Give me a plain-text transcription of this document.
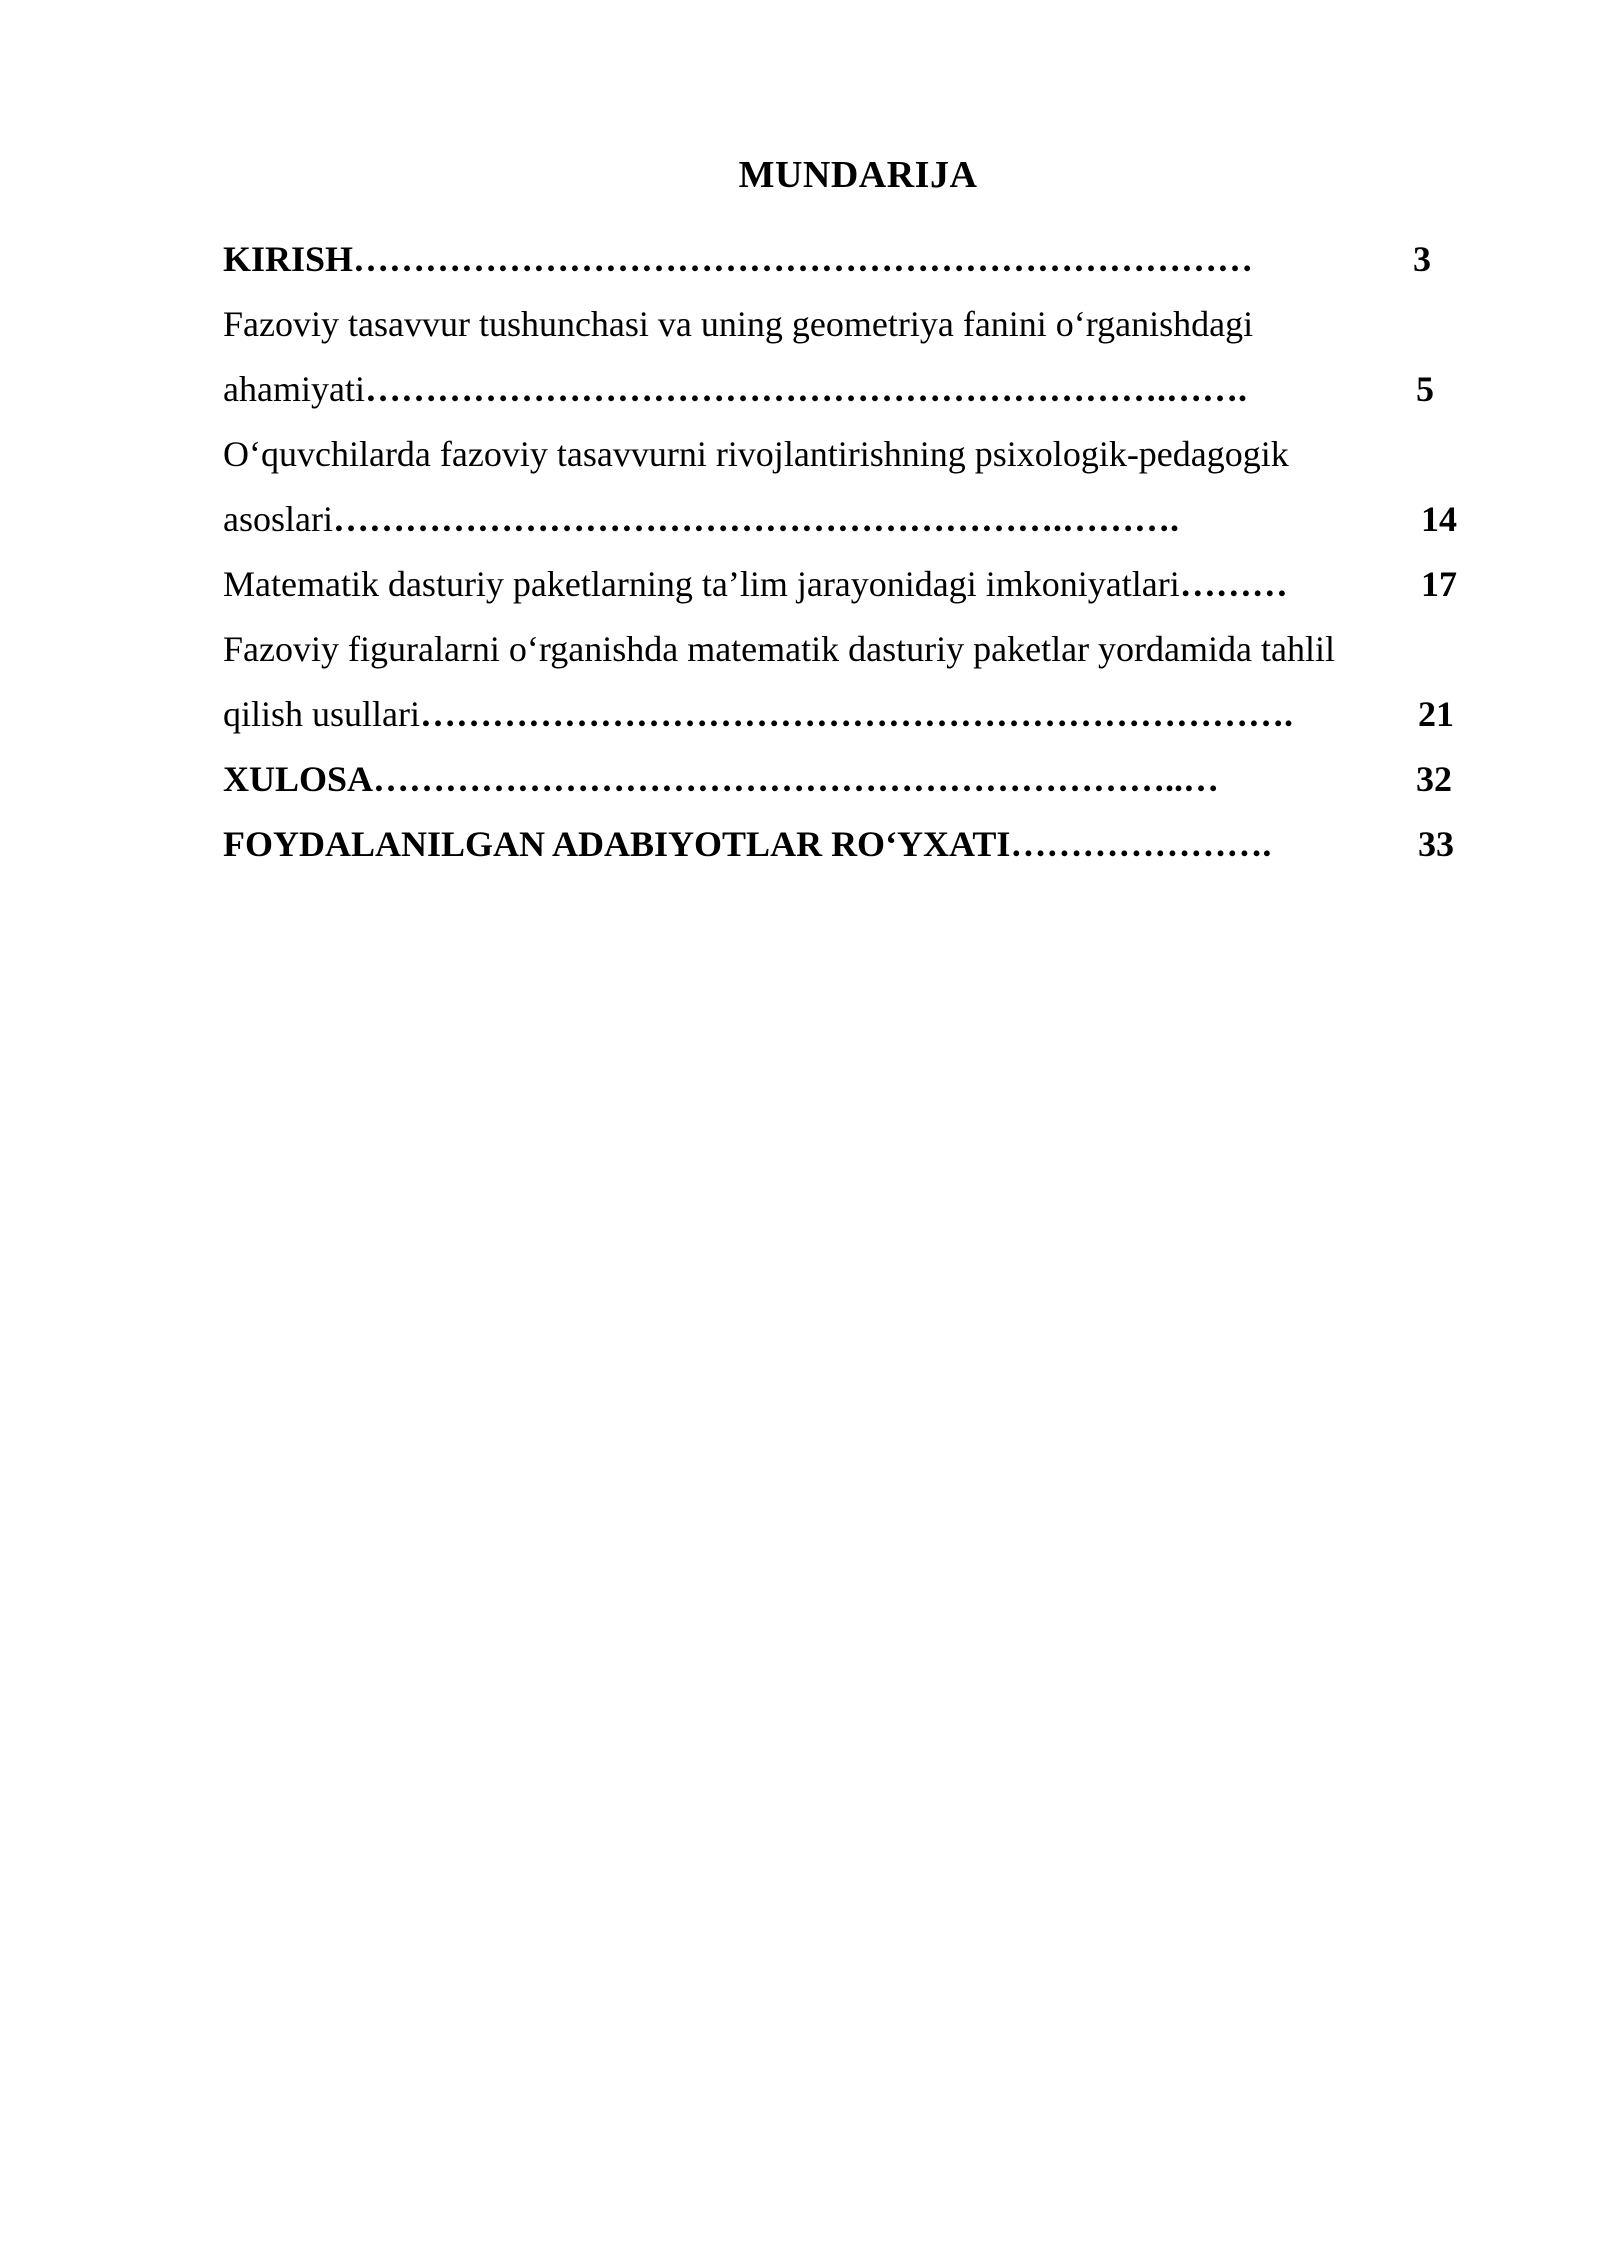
MUNDARIJA
KIRISH…………………………………………………………………	3
Fazoviy tasavvur tushunchasi va uning geometriya fanini o‘rganishdagi
ahamiyati………………………………………………………….…….	5
O‘quvchilarda fazoviy tasavvurni rivojlantirishning psixologik-pedagogik
asoslari…………………………………………………….……….	14
Matematik dasturiy paketlarning ta’lim jarayonidagi imkoniyatlari………	17
Fazoviy figuralarni o‘rganishda matematik dasturiy paketlar yordamida tahlil
qilish usullari……………………………………………………………….	21
XULOSA…………………………………………………………..…	32
FOYDALANILGAN ADABIYOTLAR RO‘YXATI………………….	33
